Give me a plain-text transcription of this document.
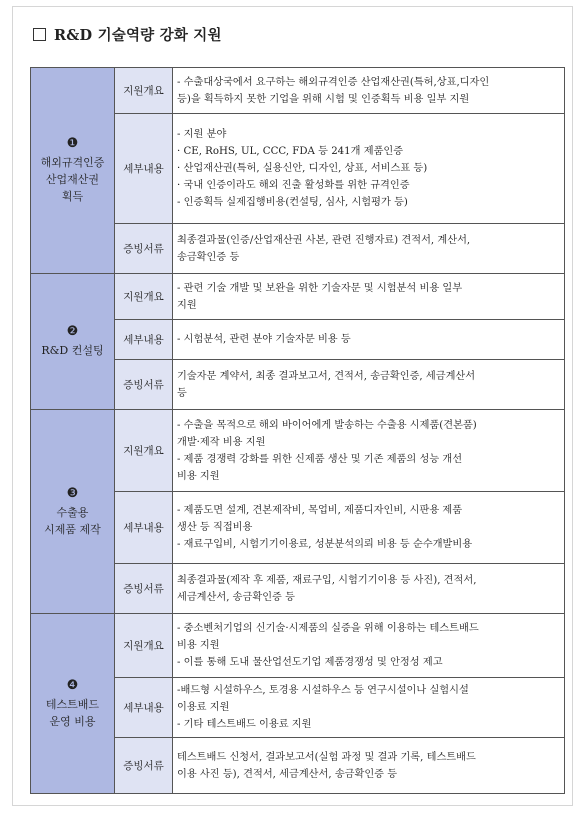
R&D 기술역량 강화 지원
❶
해외규격인증
산업재산권
획득	지원개요	- 수출대상국에서 요구하는 해외규격인증 산업재산권(특허,상표,디자인
등)을 획득하지 못한 기업을 위해 시험 및 인증획득 비용 일부 지원

	세부내용	- 지원 분야
· CE, RoHS, UL, CCC, FDA 등 241개 제품인증
· 산업재산권(특허, 실용신안, 디자인, 상표, 서비스표 등)
· 국내 인증이라도 해외 진출 활성화를 위한 규격인증
- 인증획득 실제집행비용(컨설팅, 심사, 시험평가 등)

	증빙서류	최종결과물(인증/산업재산권 사본, 관련 진행자료) 견적서, 계산서,
송금확인증 등

❷
R&D 컨설팅	지원개요	- 관련 기술 개발 및 보완을 위한 기술자문 및 시험분석 비용 일부
지원

	세부내용	- 시험분석, 관련 분야 기술자문 비용 등

	증빙서류	기술자문 계약서, 최종 결과보고서, 견적서, 송금확인증, 세금계산서
등

❸
수출용
시제품 제작	지원개요	- 수출을 목적으로 해외 바이어에게 발송하는 수출용 시제품(견본품)
개발·제작 비용 지원
- 제품 경쟁력 강화를 위한 신제품 생산 및 기존 제품의 성능 개선
비용 지원

	세부내용	- 제품도면 설계, 견본제작비, 목업비, 제품디자인비, 시판용 제품
생산 등 직접비용
- 재료구입비, 시험기기이용료, 성분분석의뢰 비용 등 순수개발비용

	증빙서류	최종결과물(제작 후 제품, 재료구입, 시험기기이용 등 사진), 견적서,
세금계산서, 송금확인증 등

❹
테스트배드
운영 비용	지원개요	- 중소벤처기업의 신기술·시제품의 실증을 위해 이용하는 테스트배드
비용 지원
- 이를 통해 도내 물산업선도기업 제품경쟁성 및 안정성 제고

	세부내용	-배드형 시설하우스, 토경용 시설하우스 등 연구시설이나 실험시설
이용료 지원
- 기타 테스트배드 이용료 지원

	증빙서류	테스트배드 신청서, 결과보고서(실험 과정 및 결과 기록, 테스트배드
이용 사진 등), 견적서, 세금계산서, 송금확인증 등
